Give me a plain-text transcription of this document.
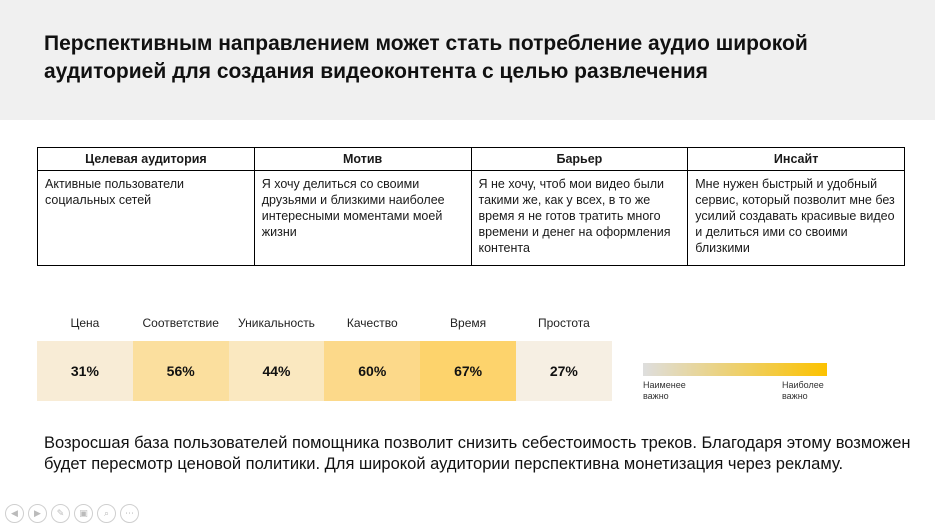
Перспективным направлением может стать потребление аудио широкой аудиторией для создания видеоконтента с целью развлечения
Целевая аудитория	Мотив	Барьер	Инсайт
Активные пользователи социальных сетей	Я хочу делиться со своими друзьями и близкими наиболее интересными моментами моей жизни	Я не хочу, чтоб мои видео были такими же, как у всех, в то же время я не готов тратить много времени и денег на оформления контента	Мне нужен быстрый и удобный сервис, который позволит мне без усилий создавать красивые видео и делиться ими со своими близкими
Цена	Соответствие	Уникальность	Качество	Время	Простота
31%	56%	44%	60%	67%	27%
Наименее
важно
Наиболее
важно

Возросшая база пользователей помощника позволит снизить себестоимость треков. Благодаря этому возможен будет пересмотр ценовой политики. Для широкой аудитории перспективна монетизация через рекламу.

◀	▶	✎	▣	⌕	⋯
